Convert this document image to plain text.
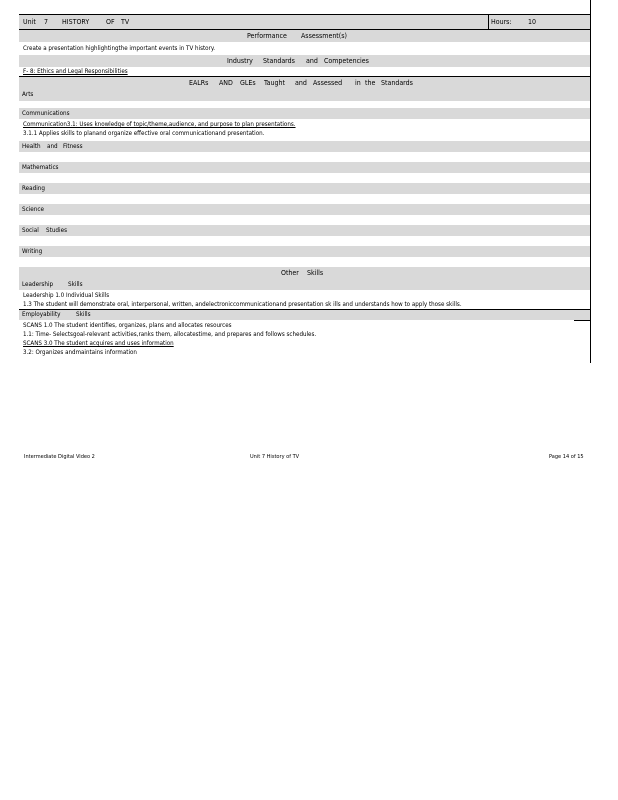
Unit 7 HISTORY OF TV	Hours: 10
Performance Assessment(s)
Create a presentation highlightingthe important events in TV history.
Industry Standards and Competencies
F- 8: Ethics and Legal Responsibilities
EALRs AND GLEs Taught and Assessed in the Standards
Arts
Communications
Communication3.1: Uses knowledge of topic/theme,audience, and purpose to plan presentations.
3.1.1 Applies skills to planand organize effective oral communicationand presentation.
Health	and Fitness
Mathematics
Reading
Science
Social	Studies
Writing
Other Skills
Leadership	Skills
Leadership 1.0 Individual Skills
1.3 The student will demonstrate oral, interpersonal, written, andelectroniccommunicationand presentation sk ills and understands how to apply those skills.
Employability	Skills
SCANS 1.0 The student identifies, organizes, plans and allocates resources
1.1: Time- Selectsgoal-relevant activities,ranks them, allocatestime, and prepares and follows schedules.
SCANS 3.0 The student acquires and uses information
3.2: Organizes andmaintains information
Intermediate Digital Video 2	Unit 7 History of TV	Page 14 of 15
